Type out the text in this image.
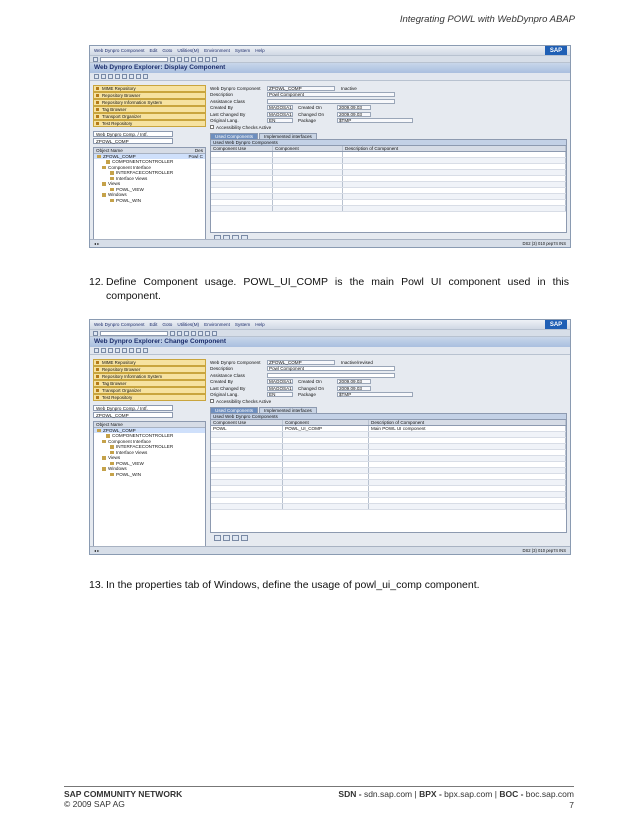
Integrating POWL with WebDynpro ABAP
Web Dynpro Component Edit Goto Utilities(M) Environment System Help	SAP
Web Dynpro Explorer: Display Component
MIME Repository
Repository Browser
Repository Information System
Tag Browser
Transport Organizer
Test Repository
Web Dynpro Comp. / Intf.
ZPOWL_COMP
Object Name	Des
ZPOWL_COMP	Powl C
COMPONENTCONTROLLER
Component Interface
INTERFACECONTROLLER
Interface Views
Views
POWL_VIEW
Windows
POWL_WIN
Web Dynpro Component	ZPOWL_COMP	Inactive
Description	Powl Component
Assistance Class
Created By	MAGOSA1 Created On	2009.09.03
Last Changed By	MAGOSA1 Changed On	2009.09.03
Original Lang.	EN	Package	$TMP
Accessibility Checks Active
Used Components	Implemented interfaces
Used Web Dynpro Components
Component Use	Component	Description of Component
◂ ▸	DS2 (3) 010 pep74 INS
12. Define Component usage. POWL_UI_COMP is the main Powl UI component used in this component.
Web Dynpro Component Edit Goto Utilities(M) Environment System Help	SAP
Web Dynpro Explorer: Change Component
MIME Repository
Repository Browser
Repository Information System
Tag Browser
Transport Organizer
Test Repository
Web Dynpro Comp. / Intf.
ZPOWL_COMP
Object Name
ZPOWL_COMP
COMPONENTCONTROLLER
Component Interface
INTERFACECONTROLLER
Interface Views
Views
POWL_VIEW
Windows
POWL_WIN
Web Dynpro Component	ZPOWL_COMP	Inactive/revised
Description	Powl Component
Assistance Class
Created By	MAGOSA1 Created On	2009.09.03
Last Changed By	MAGOSA1 Changed On	2009.09.03
Original Lang.	EN	Package	$TMP
Accessibility Checks Active
Used Components	Implemented interfaces
Used Web Dynpro Components
Component Use	Component	Description of Component
POWL	POWL_UI_COMP	Main POWL UI component
◂ ▸	DS2 (3) 010 pep74 INS
13. In the properties tab of Windows, define the usage of powl_ui_comp component.
SAP COMMUNITY NETWORK
© 2009 SAP AG
SDN - sdn.sap.com | BPX - bpx.sap.com | BOC - boc.sap.com
7
